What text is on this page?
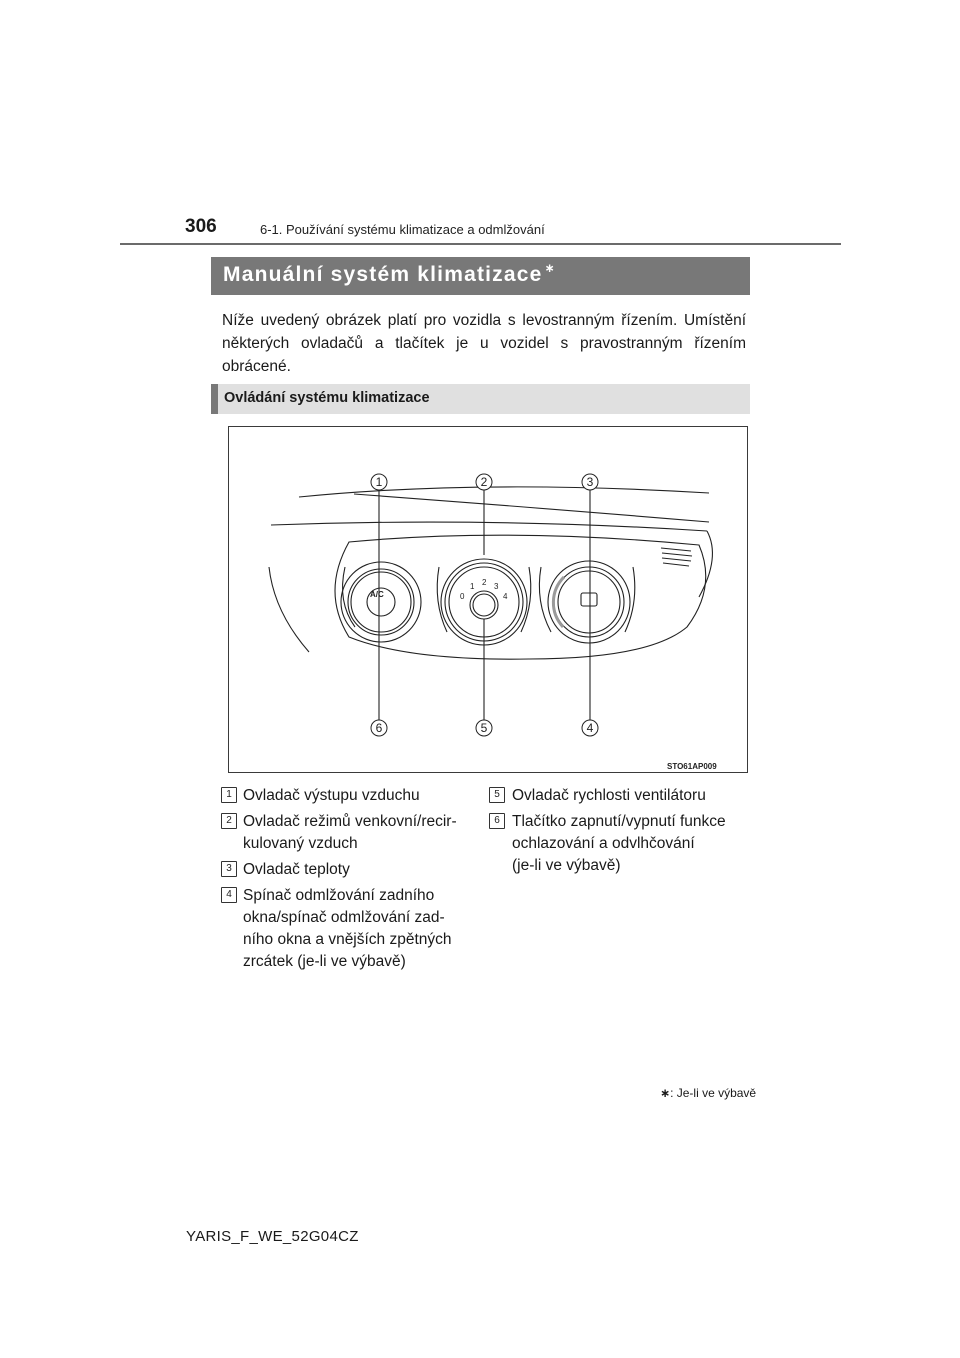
306	6-1. Používání systému klimatizace a odmlžování
Manuální systém klimatizace ∗
Níže uvedený obrázek platí pro vozidla s levostranným řízením. Umístění některých ovladačů a tlačítek je u vozidel s pravostranným řízením obrácené.
Ovládání systému klimatizace
0
1 2 3
4
A/C
1	2	3
6	5	4
STO61AP009
1 Ovladač výstupu vzduchu
2 Ovladač režimů venkovní/recir-
kulovaný vzduch
3 Ovladač teploty
4 Spínač odmlžování zadního
okna/spínač odmlžování zad-
ního okna a vnějších zpětných
zrcátek (je-li ve výbavě)
5 Ovladač rychlosti ventilátoru
6 Tlačítko zapnutí/vypnutí funkce
ochlazování a odvlhčování
(je-li ve výbavě)
∗: Je-li ve výbavě
YARIS_F_WE_52G04CZ
